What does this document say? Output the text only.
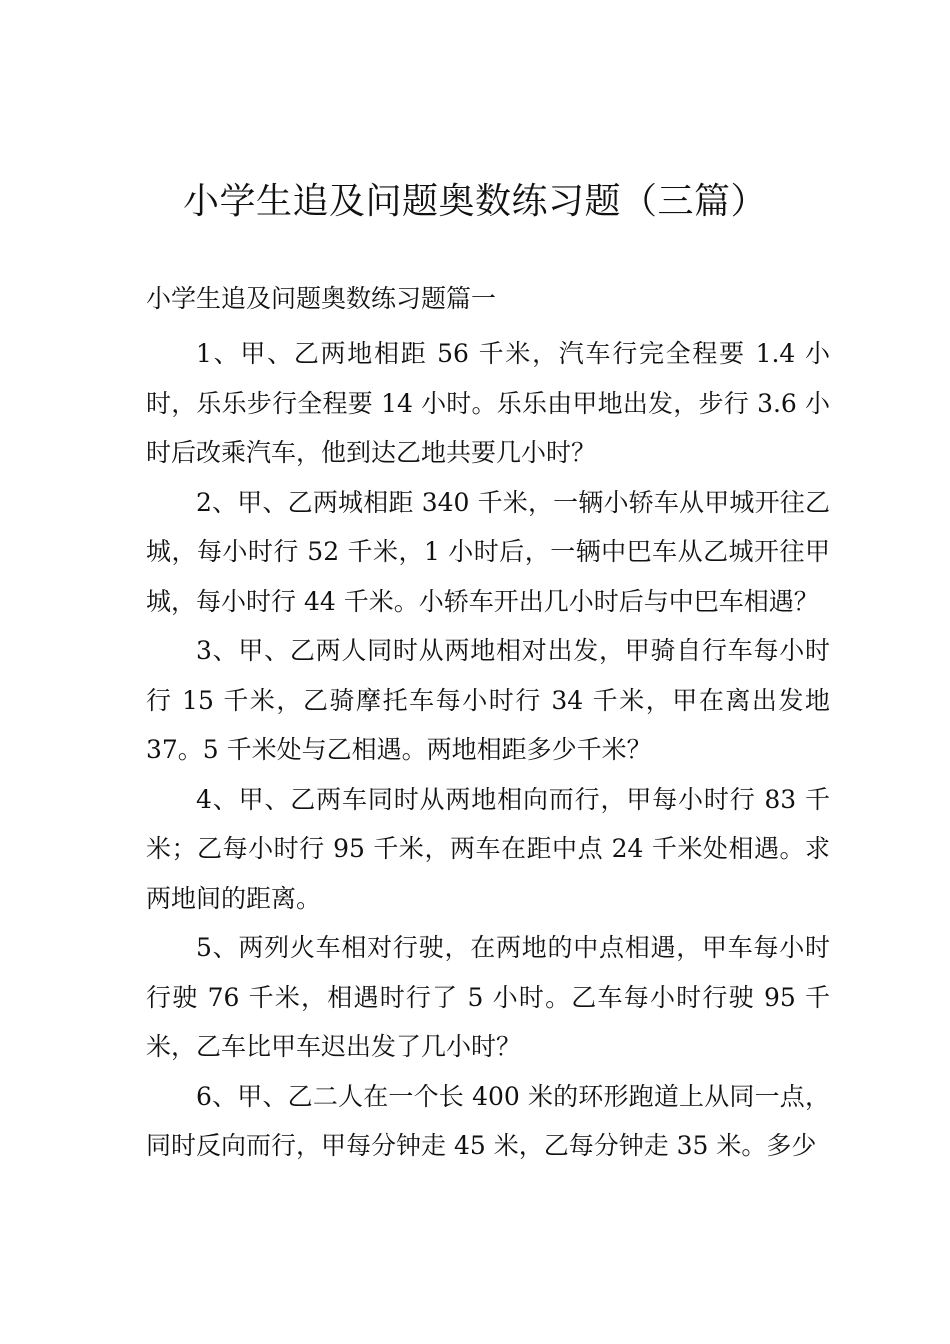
小学生追及问题奥数练习题（三篇）
小学生追及问题奥数练习题篇一

1、甲、乙两地相距 56 千米，汽车行完全程要 1.4 小时，乐乐步行全程要 14 小时。乐乐由甲地出发，步行 3.6 小时后改乘汽车，他到达乙地共要几小时？

2、甲、乙两城相距 340 千米，一辆小轿车从甲城开往乙城，每小时行 52 千米，1 小时后，一辆中巴车从乙城开往甲城，每小时行 44 千米。小轿车开出几小时后与中巴车相遇？

3、甲、乙两人同时从两地相对出发，甲骑自行车每小时行 15 千米，乙骑摩托车每小时行 34 千米，甲在离出发地 37。5 千米处与乙相遇。两地相距多少千米？

4、甲、乙两车同时从两地相向而行，甲每小时行 83 千米；乙每小时行 95 千米，两车在距中点 24 千米处相遇。求两地间的距离。

5、两列火车相对行驶，在两地的中点相遇，甲车每小时行驶 76 千米，相遇时行了 5 小时。乙车每小时行驶 95 千米，乙车比甲车迟出发了几小时？

6、甲、乙二人在一个长 400 米的环形跑道上从同一点，同时反向而行，甲每分钟走 45 米，乙每分钟走 35 米。多少
